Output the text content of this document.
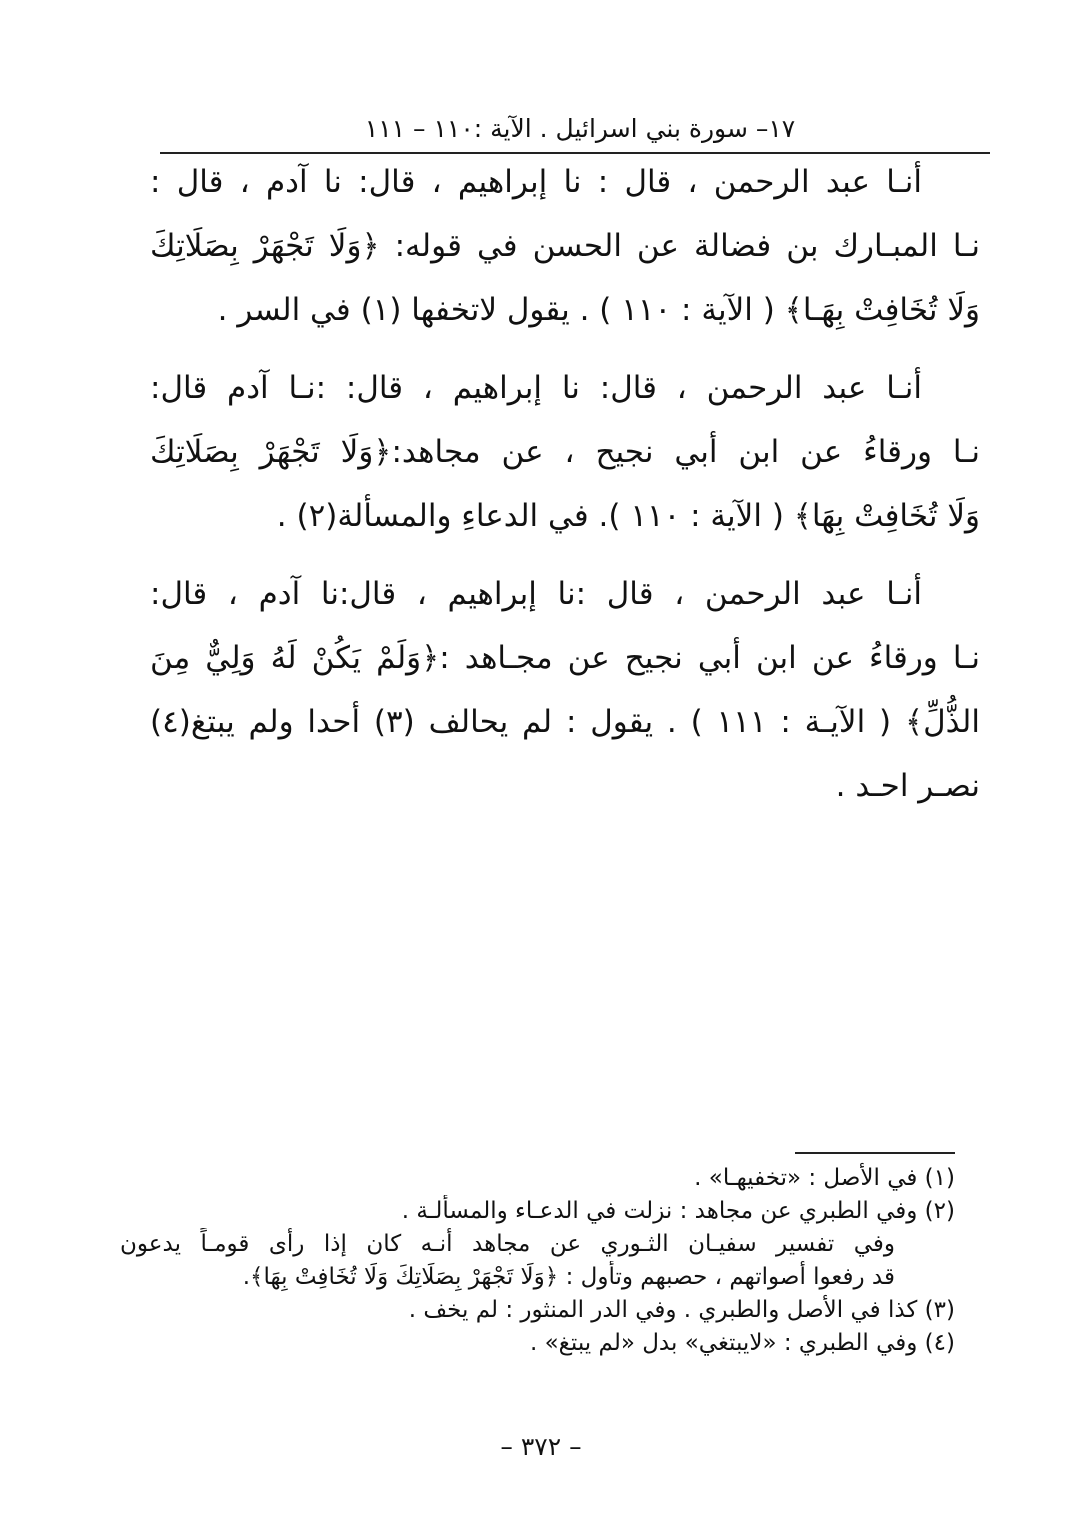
١٧– سورة بني اسرائيل . الآية :١١٠ – ١١١

أنـا عبد الرحمن ، قال : نا إبراهيم ، قال: نا آدم ، قال :
نـا المبـارك بن فضالة عن الحسن في قوله: ﴿وَلَا تَجْهَرْ بِصَلَاتِكَ
وَلَا تُخَافِتْ بِهَـا﴾ ( الآية : ١١٠ ) . يقول لاتخفها (١) في السر .

أنـا عبد الرحمن ، قال: نا إبراهيم ، قال: :نـا آدم قال:
نـا ورقاءُ عن ابن أبي نجيح ، عن مجاهد:﴿وَلَا تَجْهَرْ بِصَلَاتِكَ
وَلَا تُخَافِتْ بِهَا﴾ ( الآية : ١١٠ ). في الدعاءِ والمسألة(٢) .

أنـا عبد الرحمن ، قال :نا إبراهيم ، قال:نا آدم ، قال:
نـا ورقاءُ عن ابن أبي نجيح عن مجـاهد :﴿وَلَمْ يَكُنْ لَهُ وَلِيٌّ مِنَ
الذُّلِّ﴾ ( الآيـة : ١١١ ) . يقول : لم يحالف (٣) أحدا ولم يبتغ(٤)
نصـر احـد .

(١) في الأصل : «تخفيهـا» .
(٢) وفي الطبري عن مجاهد : نزلت في الدعـاء والمسألـة .
وفي تفسير سفيـان الثـوري عن مجاهد أنـه كان إذا رأى قومـاً يدعون
قد رفعوا أصواتهم ، حصبهم وتأول : ﴿وَلَا تَجْهَرْ بِصَلَاتِكَ وَلَا تُخَافِتْ بِهَا﴾.
(٣) كذا في الأصل والطبري . وفي الدر المنثور : لم يخف .
(٤) وفي الطبري : «لايبتغي» بدل «لم يبتغ» .
– ٣٧٢ –
